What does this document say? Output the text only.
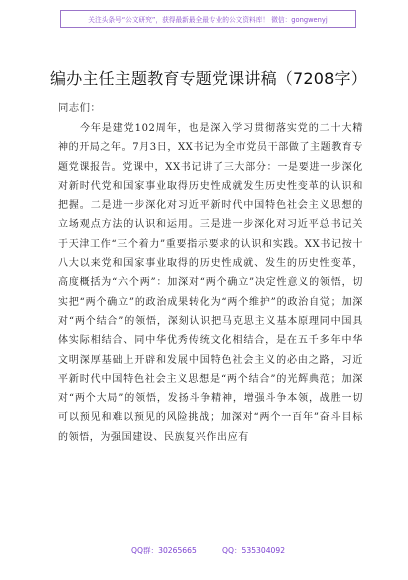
关注头条号“公文研究”，获得最新最全最专业的公文资料库！ 微信：gongwenyj
编办主任主题教育专题党课讲稿（7208字）
同志们：

今年是建党102周年，也是深入学习贯彻落实党的二十大精神的开局之年。7月3日，XX书记为全市党员干部做了主题教育专题党课报告。党课中，XX书记讲了三大部分：一是要进一步深化对新时代党和国家事业取得历史性成就发生历史性变革的认识和把握。二是进一步深化对习近平新时代中国特色社会主义思想的立场观点方法的认识和运用。三是进一步深化对习近平总书记关于天津工作“三个着力”重要指示要求的认识和实践。XX书记按十八大以来党和国家事业取得的历史性成就、发生的历史性变革，高度概括为“六个两”：加深对“两个确立”决定性意义的领悟，切实把“两个确立”的政治成果转化为“两个维护”的政治自觉；加深对“两个结合”的领悟，深刻认识把马克思主义基本原理同中国具体实际相结合、同中华优秀传统文化相结合，是在五千多年中华文明深厚基础上开辟和发展中国特色社会主义的必由之路，习近平新时代中国特色社会主义思想是“两个结合”的光辉典范；加深对“两个大局”的领悟，发扬斗争精神，增强斗争本领，战胜一切可以预见和难以预见的风险挑战；加深对“两个一百年”奋斗目标的领悟，为强国建设、民族复兴作出应有

QQ群：30265665	QQ：535304092
